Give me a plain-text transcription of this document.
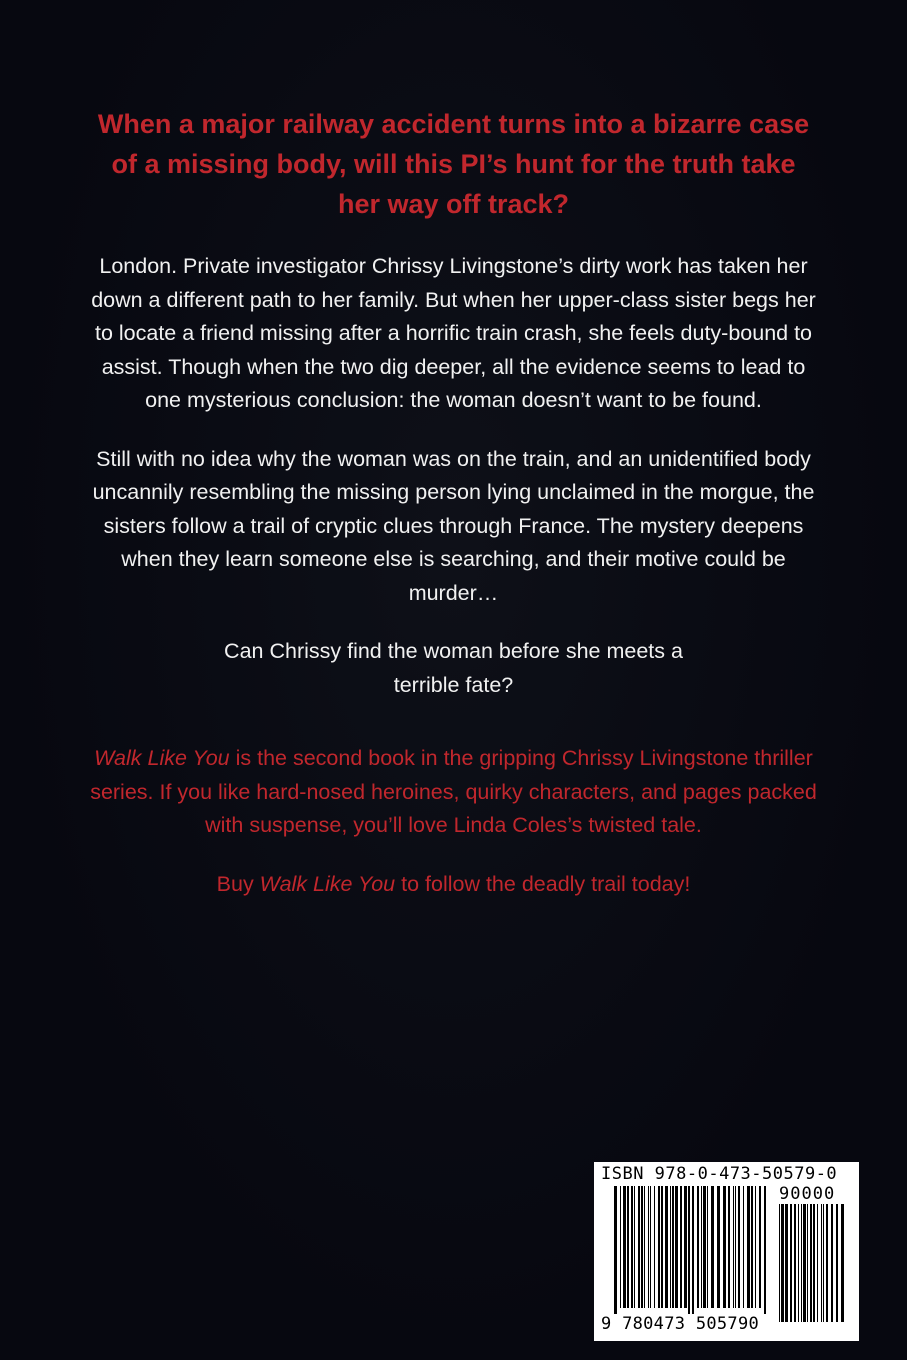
When a major railway accident turns into a bizarre case of a missing body, will this PI’s hunt for the truth take her way off track?

London. Private investigator Chrissy Livingstone’s dirty work has taken her down a different path to her family. But when her upper-class sister begs her to locate a friend missing after a horrific train crash, she feels duty-bound to assist. Though when the two dig deeper, all the evidence seems to lead to one mysterious conclusion: the woman doesn’t want to be found.

Still with no idea why the woman was on the train, and an unidentified body uncannily resembling the missing person lying unclaimed in the morgue, the sisters follow a trail of cryptic clues through France. The mystery deepens when they learn someone else is searching, and their motive could be murder…

Can Chrissy find the woman before she meets a terrible fate?

Walk Like You is the second book in the gripping Chrissy Livingstone thriller series. If you like hard-nosed heroines, quirky characters, and pages packed with suspense, you’ll love Linda Coles’s twisted tale.

Buy Walk Like You to follow the deadly trail today!

ISBN 978-0-473-50579-0
90000
9 780473 505790
